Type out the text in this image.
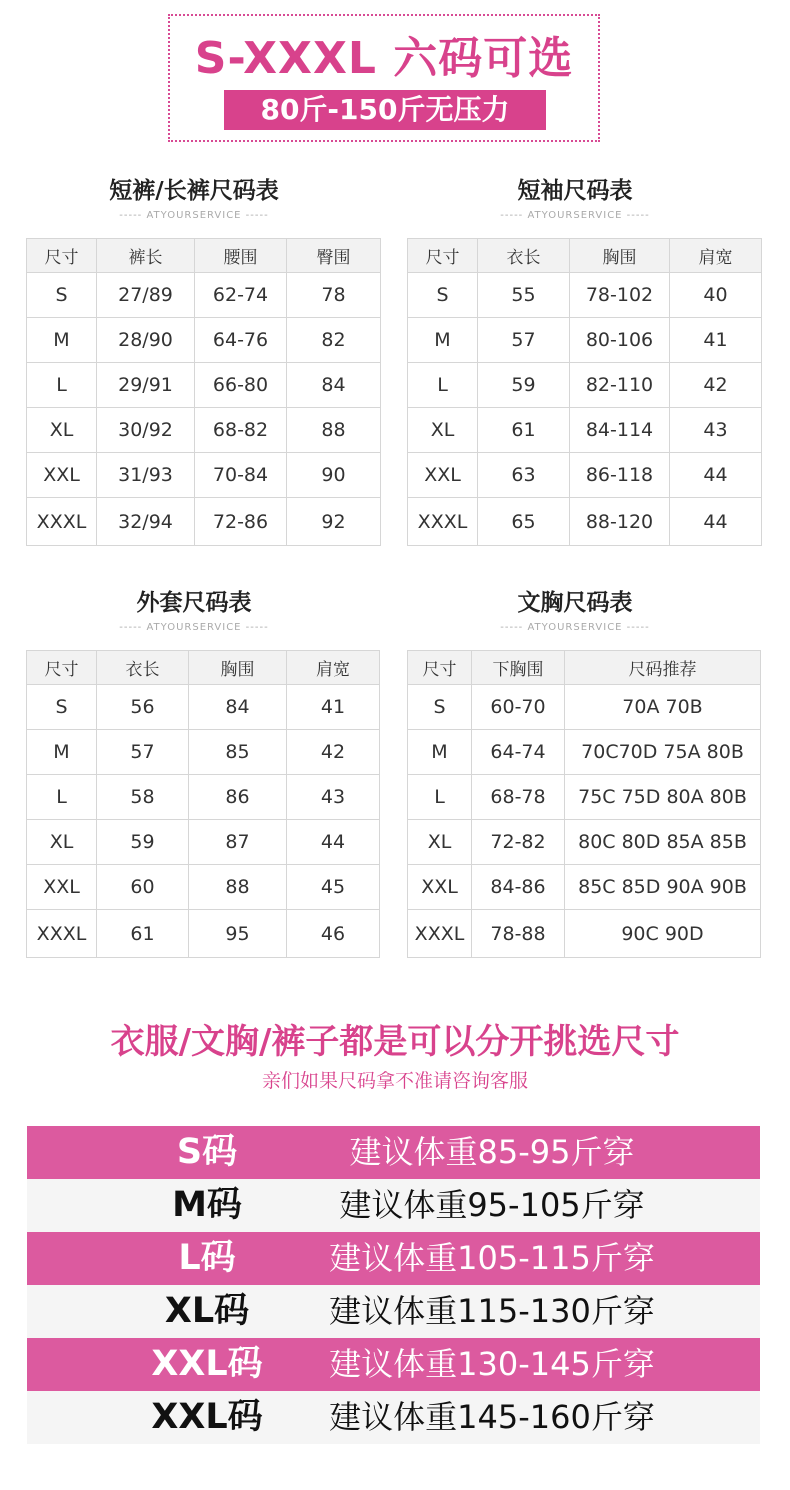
S-XXXL 六码可选
80斤-150斤无压力
短裤/长裤尺码表
----- ATYOURSERVICE -----
尺寸	裤长	腰围	臀围
S	27/89	62-74	78
M	28/90	64-76	82
L	29/91	66-80	84
XL	30/92	68-82	88
XXL	31/93	70-84	90
XXXL	32/94	72-86	92
短袖尺码表
----- ATYOURSERVICE -----
尺寸	衣长	胸围	肩宽
S	55	78-102	40
M	57	80-106	41
L	59	82-110	42
XL	61	84-114	43
XXL	63	86-118	44
XXXL	65	88-120	44
外套尺码表
----- ATYOURSERVICE -----
尺寸	衣长	胸围	肩宽
S	56	84	41
M	57	85	42
L	58	86	43
XL	59	87	44
XXL	60	88	45
XXXL	61	95	46
文胸尺码表
----- ATYOURSERVICE -----
尺寸	下胸围	尺码推荐
S	60-70	70A 70B
M	64-74	70C70D 75A 80B
L	68-78	75C 75D 80A 80B
XL	72-82	80C 80D 85A 85B
XXL	84-86	85C 85D 90A 90B
XXXL	78-88	90C 90D
衣服/文胸/裤子都是可以分开挑选尺寸
亲们如果尺码拿不准请咨询客服
S码	建议体重85-95斤穿
M码	建议体重95-105斤穿
L码	建议体重105-115斤穿
XL码	建议体重115-130斤穿
XXL码	建议体重130-145斤穿
XXL码	建议体重145-160斤穿
